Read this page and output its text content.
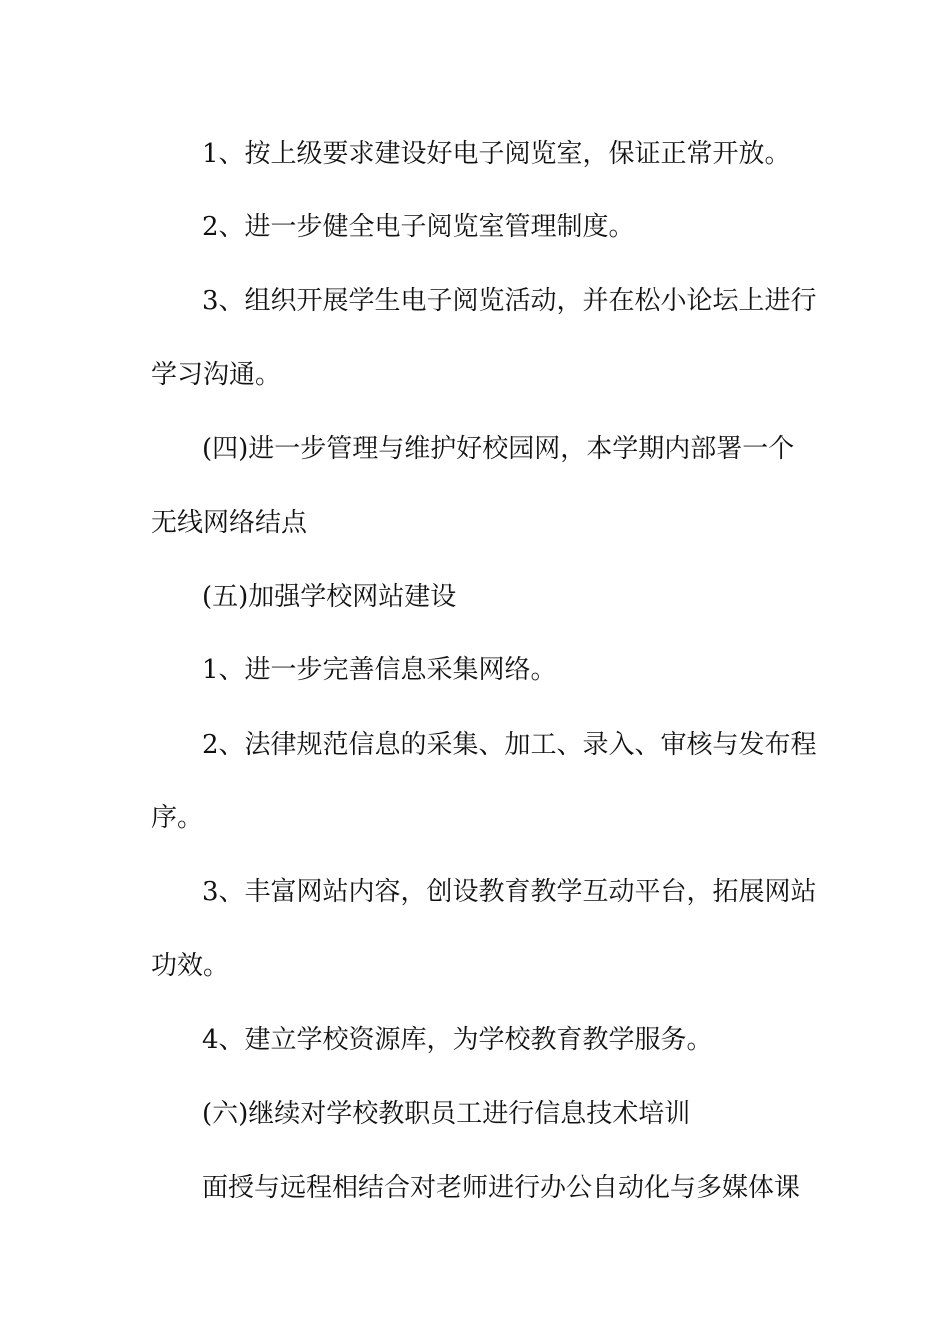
1、按上级要求建设好电子阅览室，保证正常开放。
2、进一步健全电子阅览室管理制度。
3、组织开展学生电子阅览活动，并在松小论坛上进行
学习沟通。
(四)进一步管理与维护好校园网，本学期内部署一个
无线网络结点
(五)加强学校网站建设
1、进一步完善信息采集网络。
2、法律规范信息的采集、加工、录入、审核与发布程
序。
3、丰富网站内容，创设教育教学互动平台，拓展网站
功效。
4、建立学校资源库，为学校教育教学服务。
(六)继续对学校教职员工进行信息技术培训
面授与远程相结合对老师进行办公自动化与多媒体课
